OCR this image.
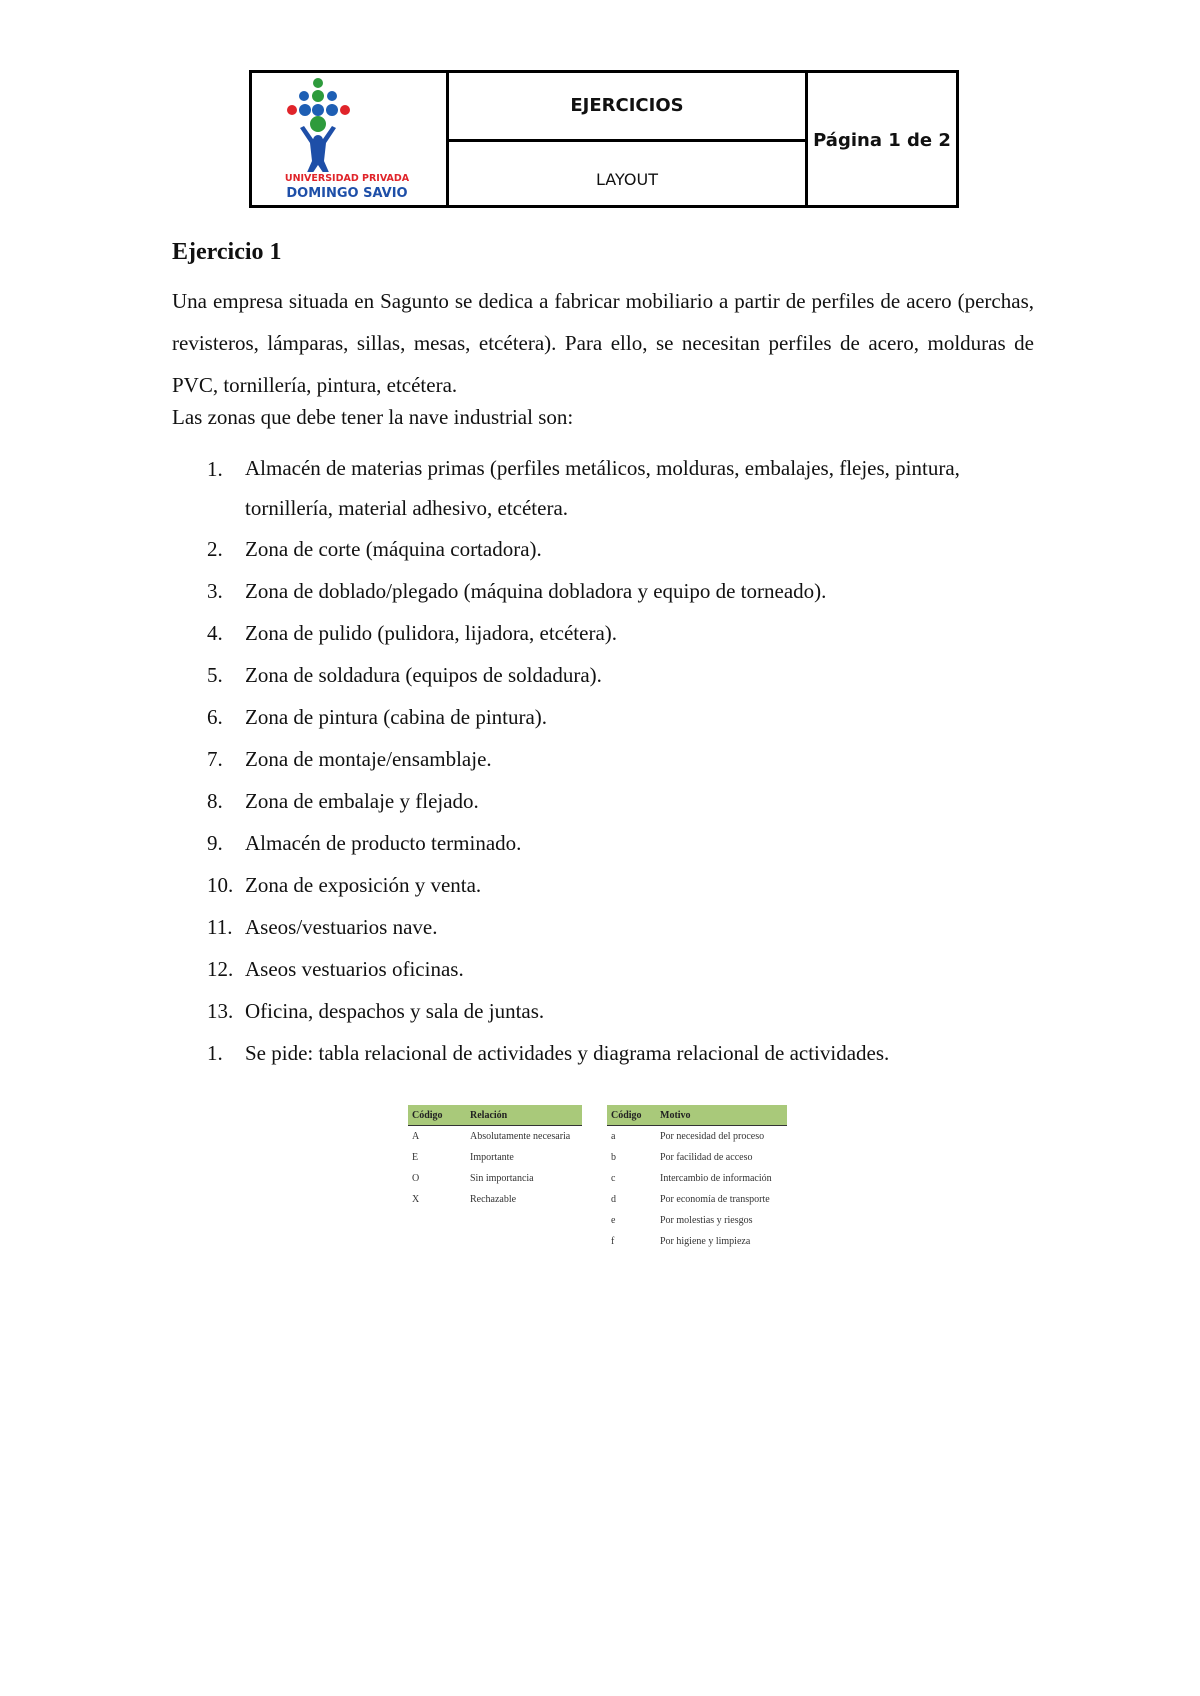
UNIVERSIDAD PRIVADA
DOMINGO SAVIO
EJERCICIOS
LAYOUT
Página 1 de 2
Ejercicio 1

Una empresa situada en Sagunto se dedica a fabricar mobiliario a partir de perfiles de acero (perchas, revisteros, lámparas, sillas, mesas, etcétera). Para ello, se necesitan perfiles de acero, molduras de PVC, tornillería, pintura, etcétera.

Las zonas que debe tener la nave industrial son:
1. Almacén de materias primas (perfiles metálicos, molduras, embalajes, flejes, pintura, tornillería, material adhesivo, etcétera.
2. Zona de corte (máquina cortadora).
3. Zona de doblado/plegado (máquina dobladora y equipo de torneado).
4. Zona de pulido (pulidora, lijadora, etcétera).
5. Zona de soldadura (equipos de soldadura).
6. Zona de pintura (cabina de pintura).
7. Zona de montaje/ensamblaje.
8. Zona de embalaje y flejado.
9. Almacén de producto terminado.
10. Zona de exposición y venta.
11. Aseos/vestuarios nave.
12. Aseos vestuarios oficinas.
13. Oficina, despachos y sala de juntas.
1. Se pide: tabla relacional de actividades y diagrama relacional de actividades.
Código	Relación
A	Absolutamente necesaria
E	Importante
O	Sin importancia
X	Rechazable
Código	Motivo
a	Por necesidad del proceso
b	Por facilidad de acceso
c	Intercambio de información
d	Por economía de transporte
e	Por molestias y riesgos
f	Por higiene y limpieza
